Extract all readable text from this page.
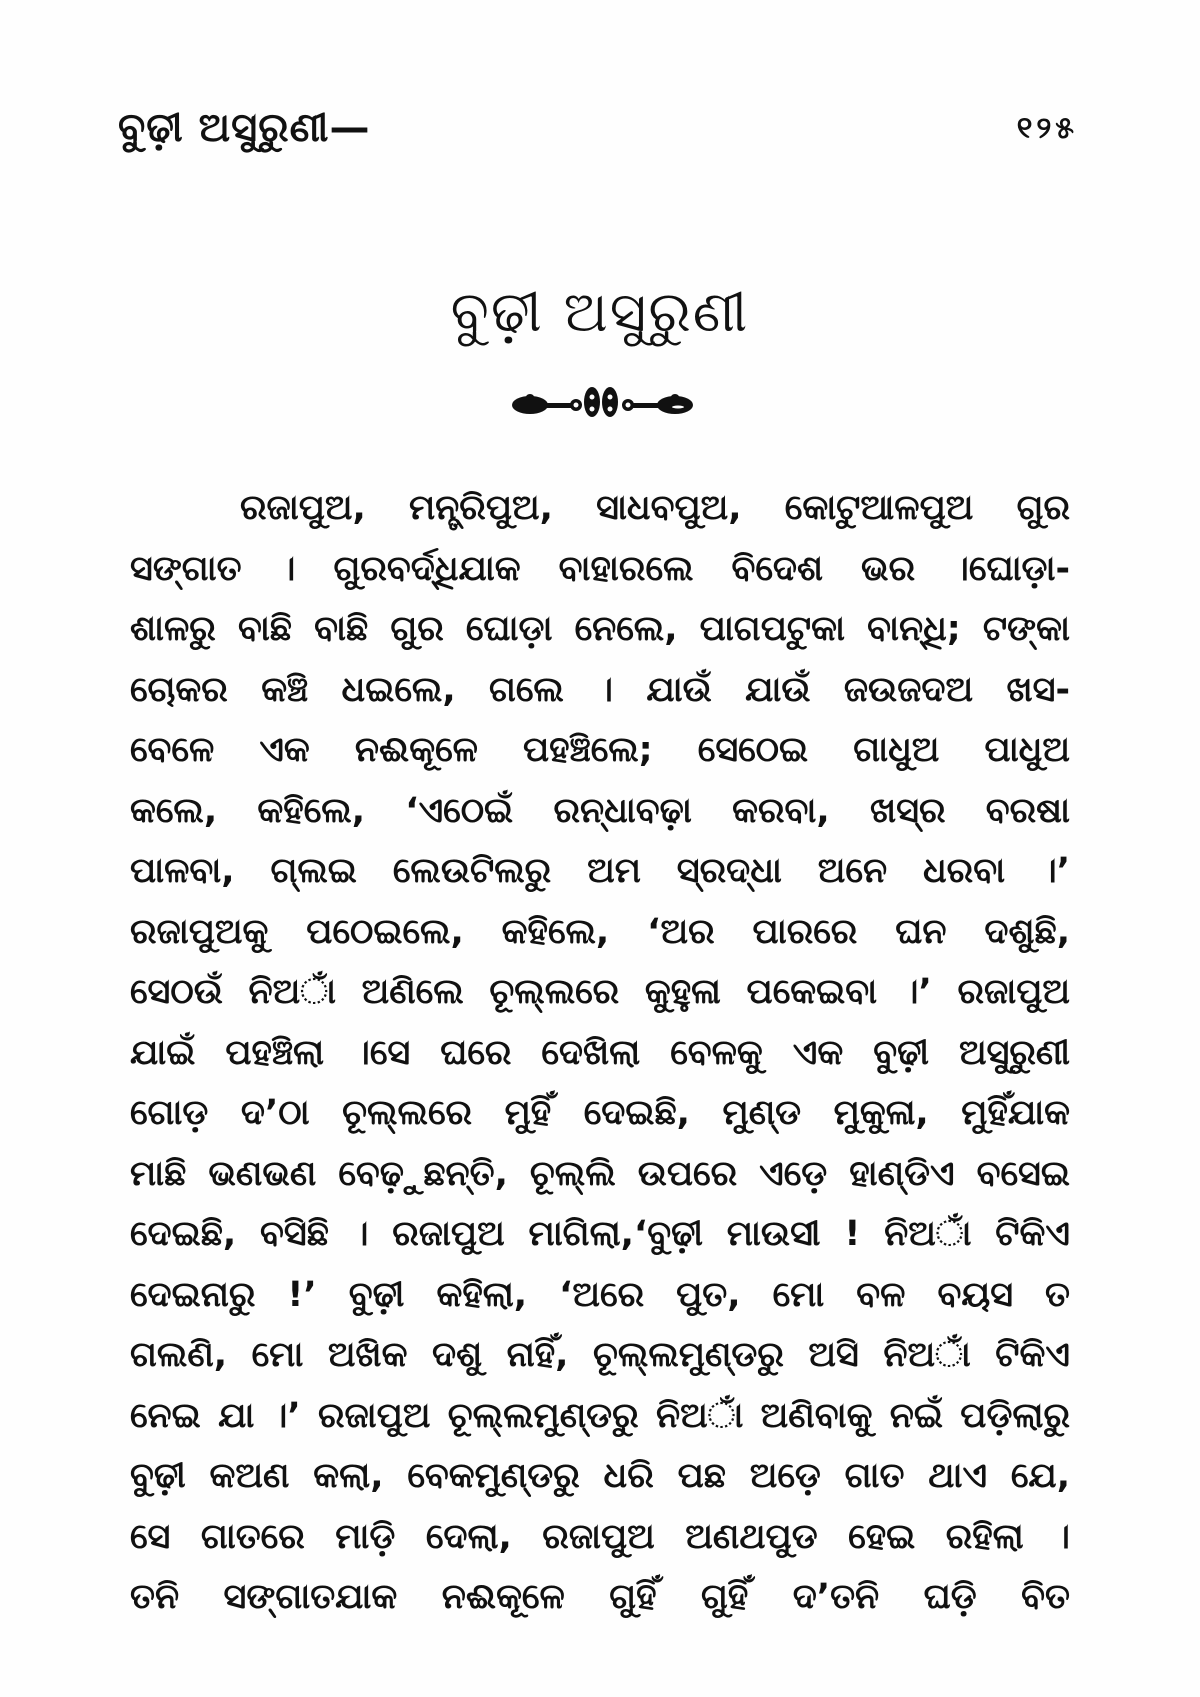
ବୁଢ଼ୀ ଅସୁରୁଣୀ—	୧୨୫
ବୁଢ଼ୀ ଅସୁରୁଣୀ
ରଜାପୁଅ, ମନ୍ତ୍ରିପୁଅ, ସାଧବପୁଅ, କୋଟୁଆଳପୁଅ ଗୁର
ସଙ୍ଗାତ । ଗୁରବର୍ଦ୍ଧିଯାକ ବାହାରଲେ ବିଦେଶ ଭର ।ଘୋଡ଼ା-
ଶାଳରୁ ବାଛି ବାଛି ଗୁର ଘୋଡ଼ା ନେଲେ, ପାଗପଟୁକା ବାନ୍ଧି; ଟଙ୍କା
ଚୋକର କଞ୍ଚି ଧଇଲେ, ଗଲେ । ଯାଉଁ ଯାଉଁ ଜଉଜଦଅ ଖସ-
ବେଳେ ଏକ ନଈକୂଳେ ପହଞ୍ଚିଲେ; ସେଠେଇ ଗାଧୁଅ ପାଧୁଅ
କଲେ, କହିଲେ, ‘ଏଠେଇଁ ରନ୍ଧାବଢ଼ା କରବା, ଖସ୍ର ବରଷା
ପାଳବା, ଗ୍ଲଇ ଲେଉଟିଲରୁ ଅମ ସ୍ରଦ୍ଧା ଅନେ ଧରବା ।’
ରଜାପୁଅକୁ ପଠେଇଲେ, କହିଲେ, ‘ଅର ପାରରେ ଘନ ଦଶୁଛି,
ସେଠଉଁ ନିଅାଁ ଅଣିଲେ ଚୂଲ୍ଲରେ କୁହୁଳା ପକେଇବା ।’ ରଜାପୁଅ
ଯାଇଁ ପହଞ୍ଚିଲା ।ସେ ଘରେ ଦେଖିଲା ବେଳକୁ ଏକ ବୁଢ଼ୀ ଅସୁରୁଣୀ
ଗୋଡ଼ ଦ’ଠା ଚୂଲ୍ଲରେ ମୁହିଁ ଦେଇଛି, ମୁଣ୍ଡ ମୁକୁଳା, ମୁହିଁଯାକ
ମାଛି ଭଣଭଣ ବେଢ଼ୁଛନ୍ତି, ଚୂଲ୍ଲି ଉପରେ ଏଡ଼େ ହାଣ୍ଡିଏ ବସେଇ
ଦେଇଛି, ବସିଛି । ରଜାପୁଅ ମାଗିଲା,‘ବୁଢ଼ୀ ମାଉସୀ ! ନିଅାଁ ଟିକିଏ
ଦେଇନାରୁ !’ ବୁଢ଼ୀ କହିଲା, ‘ଅରେ ପୁତ, ମୋ ବଳ ବୟସ ତ
ଗଲଣି, ମୋ ଅଖିକ ଦଶୁ ନାହିଁ, ଚୂଲ୍ଲମୁଣ୍ଡରୁ ଅସି ନିଅାଁ ଟିକିଏ
ନେଇ ଯା ।’ ରଜାପୁଅ ଚୂଲ୍ଲମୁଣ୍ଡରୁ ନିଅାଁ ଅଣିବାକୁ ନଇଁ ପଡ଼ିଲାରୁ
ବୁଢ଼ୀ କଅଣ କଲା, ବେକମୁଣ୍ଡରୁ ଧରି ପଛ ଅଡ଼େ ଗାତ ଥାଏ ଯେ,
ସେ ଗାତରେ ମାଡ଼ି ଦେଲା, ରଜାପୁଅ ଅଣଥପୁଡ ହେଇ ରହିଲା ।
ତନି ସଙ୍ଗାତଯାକ ନଈକୂଳେ ଗୁହିଁ ଗୁହିଁ ଦ’ତନି ଘଡ଼ି ବିତ
